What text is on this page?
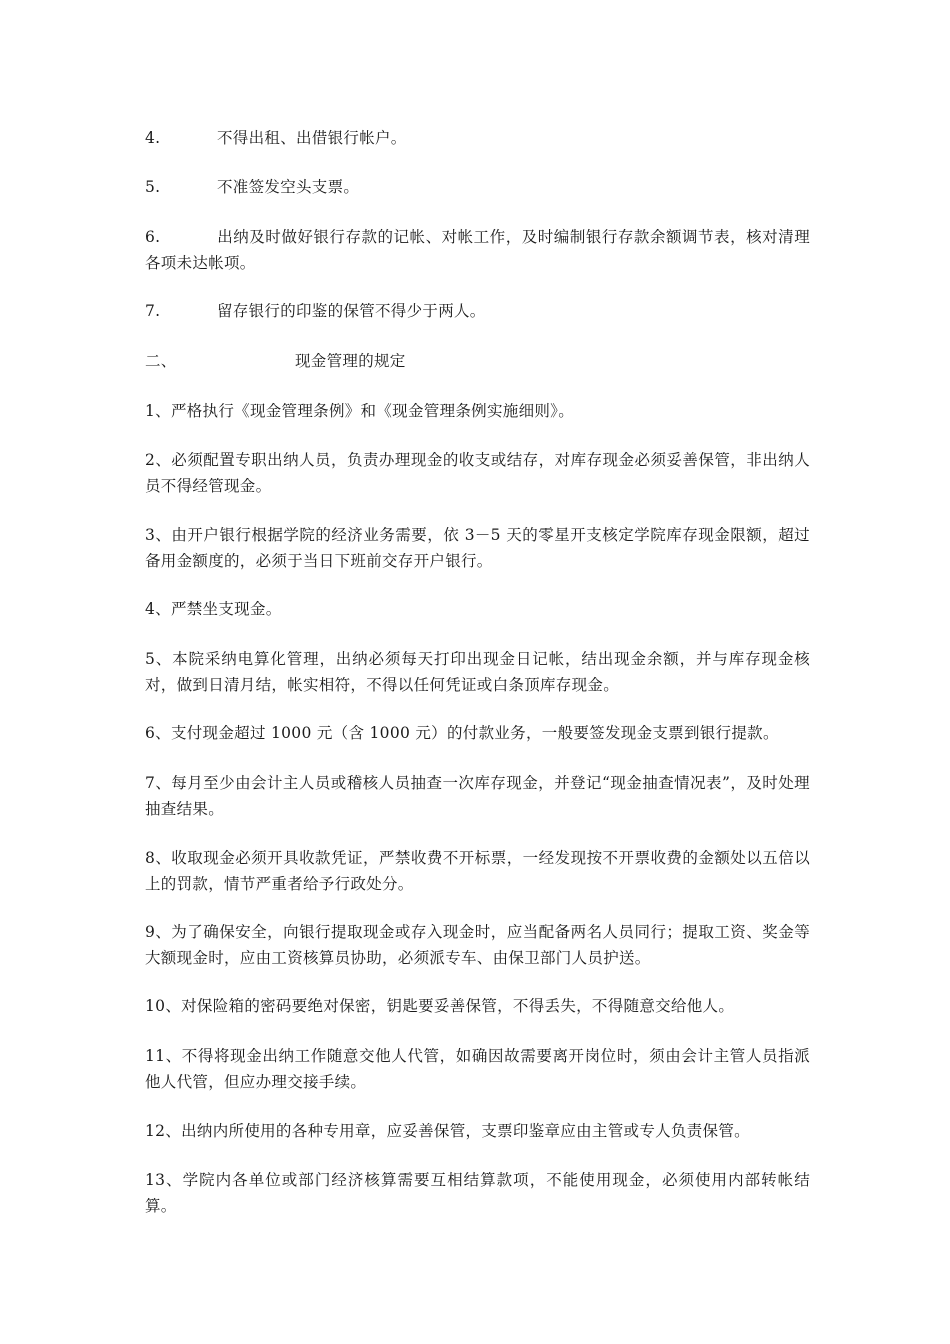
4.	不得出租、出借银行帐户。
5.	不准签发空头支票。
6.	出纳及时做好银行存款的记帐、对帐工作，及时编制银行存款余额调节表，核对清理各项未达帐项。
7.	留存银行的印鉴的保管不得少于两人。
二、	现金管理的规定
1、严格执行《现金管理条例》和《现金管理条例实施细则》。
2、必须配置专职出纳人员，负责办理现金的收支或结存，对库存现金必须妥善保管，非出纳人员不得经管现金。
3、由开户银行根据学院的经济业务需要，依 3－5 天的零星开支核定学院库存现金限额，超过备用金额度的，必须于当日下班前交存开户银行。
4、严禁坐支现金。
5、本院采纳电算化管理，出纳必须每天打印出现金日记帐，结出现金余额，并与库存现金核对，做到日清月结，帐实相符，不得以任何凭证或白条顶库存现金。
6、支付现金超过 1000 元（含 1000 元）的付款业务，一般要签发现金支票到银行提款。
7、每月至少由会计主人员或稽核人员抽查一次库存现金，并登记“现金抽查情况表”，及时处理抽查结果。
8、收取现金必须开具收款凭证，严禁收费不开标票，一经发现按不开票收费的金额处以五倍以上的罚款，情节严重者给予行政处分。
9、为了确保安全，向银行提取现金或存入现金时，应当配备两名人员同行；提取工资、奖金等大额现金时，应由工资核算员协助，必须派专车、由保卫部门人员护送。
10、对保险箱的密码要绝对保密，钥匙要妥善保管，不得丢失，不得随意交给他人。
11、不得将现金出纳工作随意交他人代管，如确因故需要离开岗位时，须由会计主管人员指派他人代管，但应办理交接手续。
12、出纳内所使用的各种专用章，应妥善保管，支票印鉴章应由主管或专人负责保管。
13、学院内各单位或部门经济核算需要互相结算款项，不能使用现金，必须使用内部转帐结算。
